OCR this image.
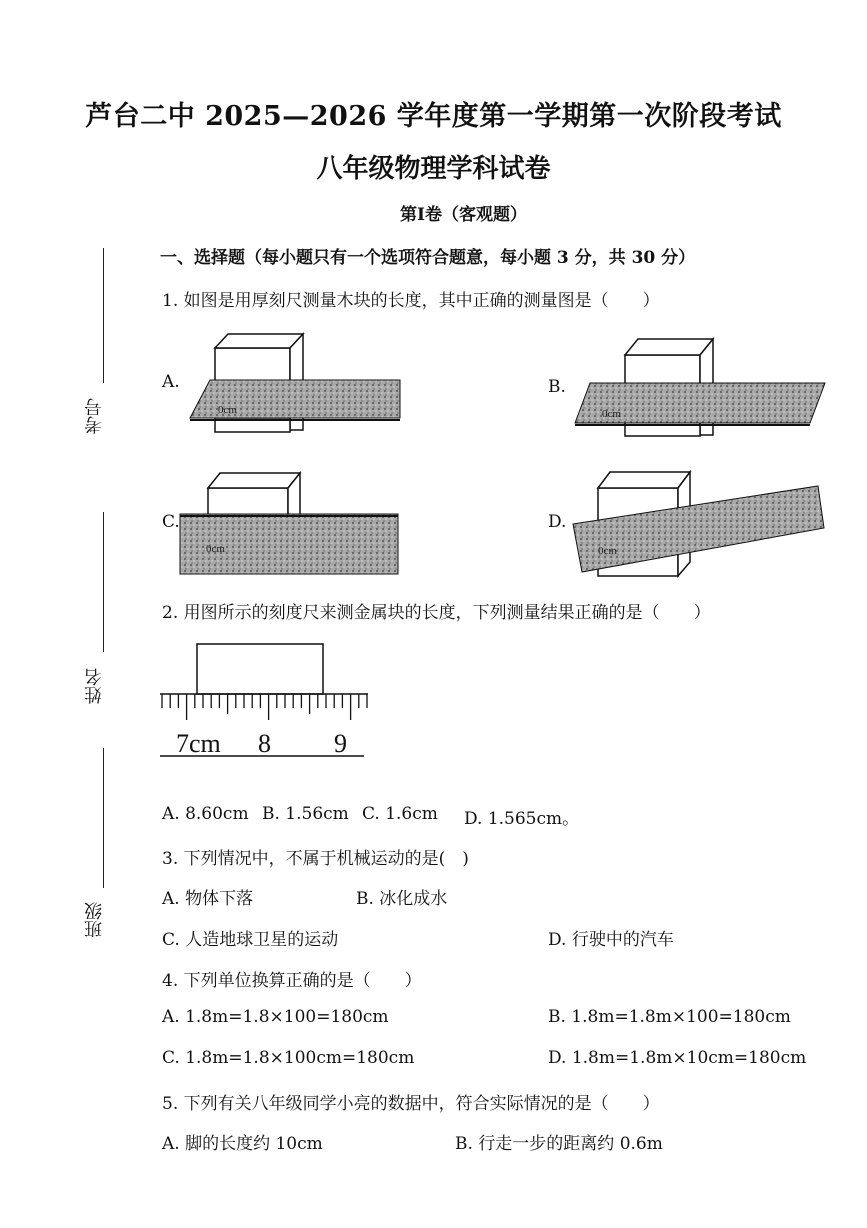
考号
姓名
班级
芦台二中 2025—2026 学年度第一学期第一次阶段考试
八年级物理学科试卷
第I卷（客观题）
一、选择题（每小题只有一个选项符合题意，每小题 3 分，共 30 分）
1. 如图是用厚刻尺测量木块的长度，其中正确的测量图是（　　）
A.
0cm
B.
0cm
C.
0cm
D.
0cm
2. 用图所示的刻度尺来测金属块的长度，下列测量结果正确的是（　　）
7cm 8 9
A. 8.60cm B. 1.56cm C. 1.6cm D. 1.565cm。
3. 下列情况中，不属于机械运动的是(　)
A. 物体下落	B. 冰化成水
C. 人造地球卫星的运动	D. 行驶中的汽车
4. 下列单位换算正确的是（　　）
A. 1.8m=1.8×100=180cm	B. 1.8m=1.8m×100=180cm
C. 1.8m=1.8×100cm=180cm	D. 1.8m=1.8m×10cm=180cm
5. 下列有关八年级同学小亮的数据中，符合实际情况的是（　　）
A. 脚的长度约 10cm	B. 行走一步的距离约 0.6m
